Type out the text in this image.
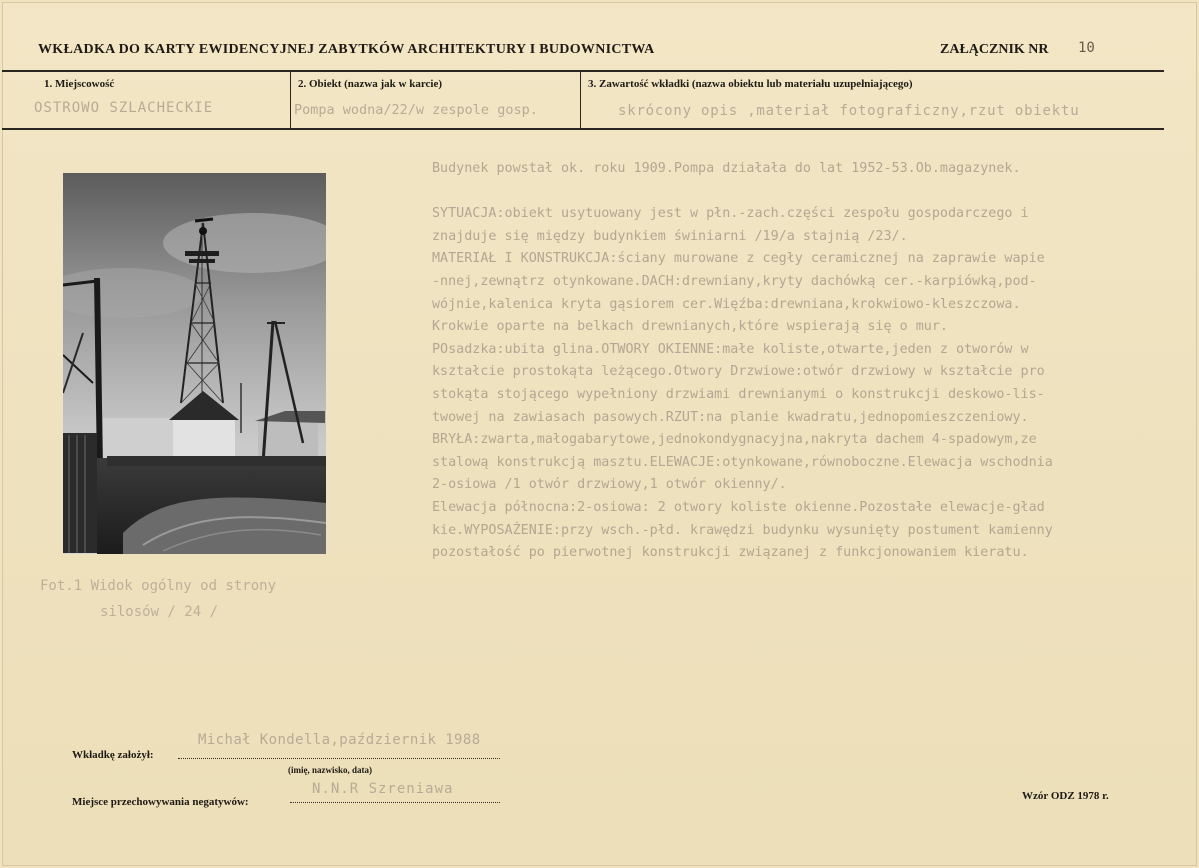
WKŁADKA DO KARTY EWIDENCYJNEJ ZABYTKÓW ARCHITEKTURY I BUDOWNICTWA	ZAŁĄCZNIK NR 10
1. Miejscowość
OSTROWO SZLACHECKIE
2. Obiekt (nazwa jak w karcie)
Pompa wodna/22/w zespole gosp.
3. Zawartość wkładki (nazwa obiektu lub materiału uzupełniającego)
skrócony opis ,materiał fotograficzny,rzut obiektu
Fot.1 Widok ogólny od strony
silosów / 24 /
Budynek powstał ok. roku 1909.Pompa działała do lat 1952-53.Ob.magazynek.

SYTUACJA:obiekt usytuowany jest w płn.-zach.części zespołu gospodarczego i
znajduje się między budynkiem świniarni /19/a stajnią /23/.
MATERIAŁ I KONSTRUKCJA:ściany murowane z cegły ceramicznej na zaprawie wapie
-nnej,zewnątrz otynkowane.DACH:drewniany,kryty dachówką cer.-karpiówką,pod-
wójnie,kalenica kryta gąsiorem cer.Więźba:drewniana,krokwiowo-kleszczowa.
Krokwie oparte na belkach drewnianych,które wspierają się o mur.
POsadzka:ubita glina.OTWORY OKIENNE:małe koliste,otwarte,jeden z otworów w
kształcie prostokąta leżącego.Otwory Drzwiowe:otwór drzwiowy w kształcie pro
stokąta stojącego wypełniony drzwiami drewnianymi o konstrukcji deskowo-lis-
twowej na zawiasach pasowych.RZUT:na planie kwadratu,jednopomieszczeniowy.
BRYŁA:zwarta,małogabarytowe,jednokondygnacyjna,nakryta dachem 4-spadowym,ze
stalową konstrukcją masztu.ELEWACJE:otynkowane,równoboczne.Elewacja wschodnia
2-osiowa /1 otwór drzwiowy,1 otwór okienny/.
Elewacja północna:2-osiowa: 2 otwory koliste okienne.Pozostałe elewacje-gład
kie.WYPOSAŻENIE:przy wsch.-płd. krawędzi budynku wysunięty postument kamienny
pozostałość po pierwotnej konstrukcji związanej z funkcjonowaniem kieratu.
Wkładkę założył:
Michał Kondella,październik 1988
(imię, nazwisko, data)
Miejsce przechowywania negatywów:
N.N.R Szreniawa	Wzór ODZ 1978 r.
